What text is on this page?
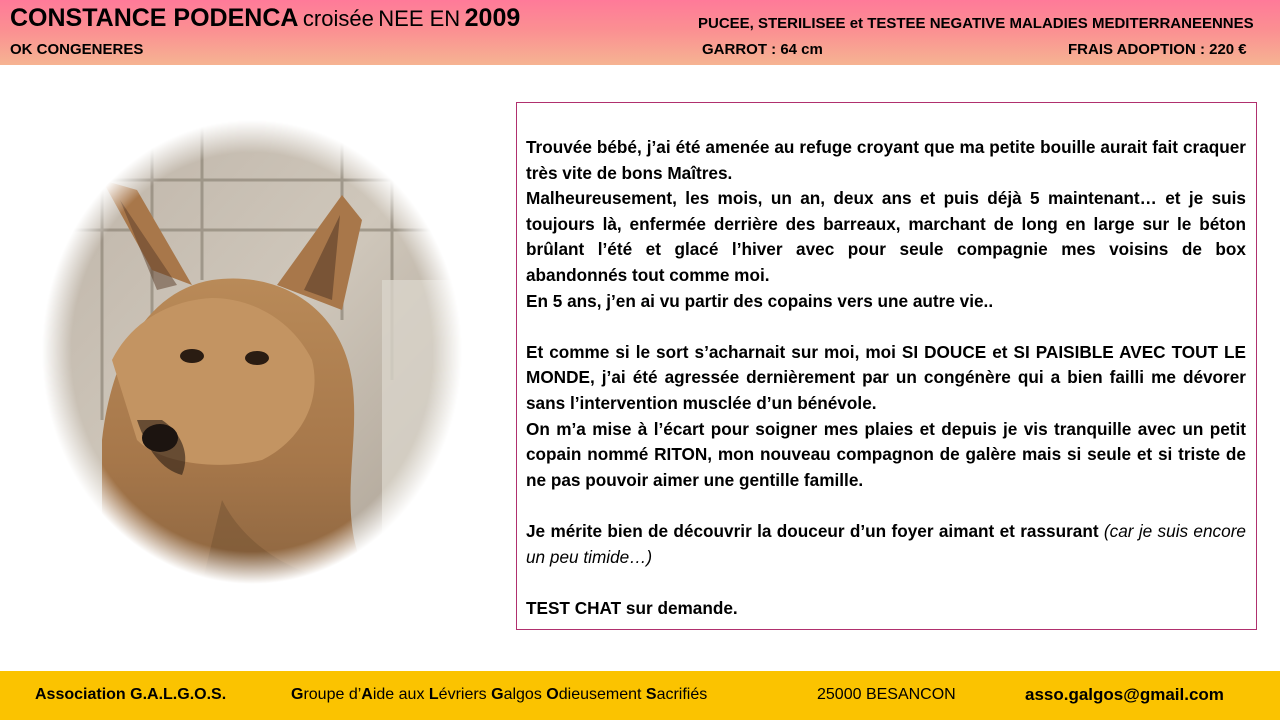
CONSTANCE PODENCA croisée NEE EN 2009
OK CONGENERES
PUCEE, STERILISEE et TESTEE NEGATIVE MALADIES MEDITERRANEENNES
GARROT : 64 cm	FRAIS ADOPTION : 220 €

Trouvée bébé, j’ai été amenée au refuge croyant que ma petite bouille aurait fait craquer très vite de bons Maîtres.

Malheureusement, les mois, un an, deux ans et puis déjà 5 maintenant… et je suis toujours là, enfermée derrière des barreaux, marchant de long en large sur le béton brûlant l’été et glacé l’hiver avec pour seule compagnie mes voisins de box abandonnés tout comme moi.

En 5 ans, j’en ai vu partir des copains vers une autre vie..

Et comme si le sort s’acharnait sur moi, moi SI DOUCE et SI PAISIBLE AVEC TOUT LE MONDE, j’ai été agressée dernièrement par un congénère qui a bien failli me dévorer sans l’intervention musclée d’un bénévole.

On m’a mise à l’écart pour soigner mes plaies et depuis je vis tranquille avec un petit copain nommé RITON, mon nouveau compagnon de galère mais si seule et si triste de ne pas pouvoir aimer une gentille famille.

Je mérite bien de découvrir la douceur d’un foyer aimant et rassurant (car je suis encore un peu timide…)

TEST CHAT sur demande.

Association G.A.L.G.O.S.	Groupe d’Aide aux Lévriers Galgos Odieusement Sacrifiés	25000 BESANCON	asso.galgos@gmail.com
